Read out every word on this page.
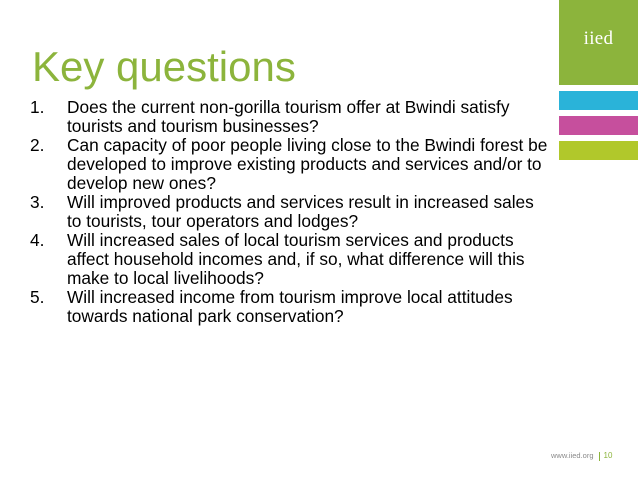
iied
Key questions
1. Does the current non-gorilla tourism offer at Bwindi satisfy tourists and tourism businesses?
2. Can capacity of poor people living close to the Bwindi forest be developed to improve existing products and services and/or to develop new ones?
3. Will improved products and services result in increased sales to tourists, tour operators and lodges?
4. Will increased sales of local tourism services and products affect household incomes and, if so, what difference will this make to local livelihoods?
5. Will increased income from tourism improve local attitudes towards national park conservation?
www.iied.org 10
